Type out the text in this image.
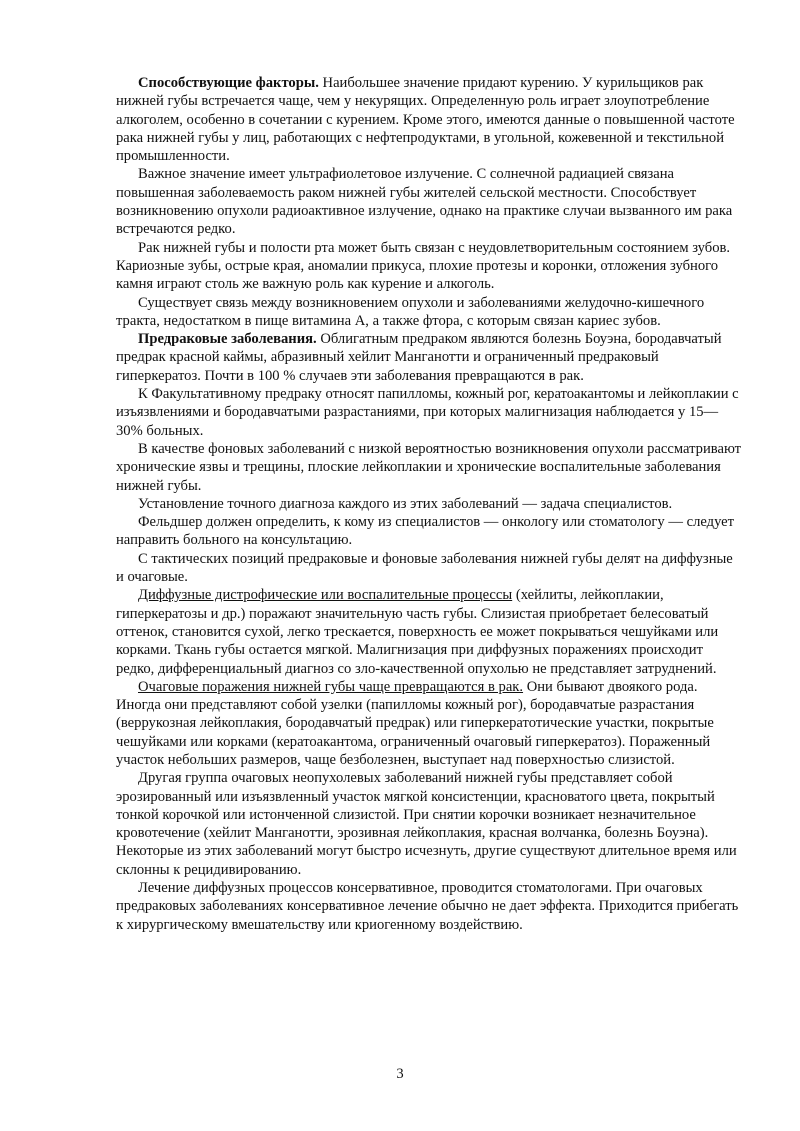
Способствующие факторы. Наибольшее значение придают курению. У курильщиков рак нижней губы встречается чаще, чем у некурящих. Определенную роль играет злоупотребление алкоголем, особенно в сочетании с курением. Кроме этого, имеются данные о повышенной частоте рака нижней губы у лиц, работающих с нефтепродуктами, в угольной, кожевенной и текстильной промышленности.

Важное значение имеет ультрафиолетовое излучение. С солнечной радиацией связана повышенная заболеваемость раком нижней губы жителей сельской местности. Способствует возникновению опухоли радиоактивное излучение, однако на практике случаи вызванного им рака встречаются редко.

Рак нижней губы и полости рта может быть связан с неудовлетворительным состоянием зубов. Кариозные зубы, острые края, аномалии прикуса, плохие протезы и коронки, отложения зубного камня играют столь же важную роль как курение и алкоголь.

Существует связь между возникновением опухоли и заболеваниями желудочно-кишечного тракта, недостатком в пище витамина А, а также фтора, с которым связан кариес зубов.

Предраковые заболевания. Облигатным предраком являются болезнь Боуэна, бородавчатый предрак красной каймы, абразивный хейлит Манганотти и ограниченный предраковый гиперкератоз. Почти в 100 % случаев эти заболевания превращаются в рак.

К Факультативному предраку относят папилломы, кожный рог, кератоакантомы и лейкоплакии с изъязвлениями и бородавчатыми разрастаниями, при которых малигнизация наблюдается у 15—30% больных.

В качестве фоновых заболеваний с низкой вероятностью возникновения опухоли рассматривают хронические язвы и трещины, плоские лейкоплакии и хронические воспалительные заболевания нижней губы.

Установление точного диагноза каждого из этих заболеваний — задача специалистов.

Фельдшер должен определить, к кому из специалистов — онкологу или стоматологу — следует направить больного на консультацию.

С тактических позиций предраковые и фоновые заболевания нижней губы делят на диффузные и очаговые.

Диффузные дистрофические или воспалительные процессы (хейлиты, лейкоплакии, гиперкератозы и др.) поражают значительную часть губы. Слизистая приобретает белесоватый оттенок, становится сухой, легко трескается, поверхность ее может покрываться чешуйками или корками. Ткань губы остается мягкой. Малигнизация при диффузных поражениях происходит редко, дифференциальный диагноз со зло-качественной опухолью не представляет затруднений.

Очаговые поражения нижней губы чаще превращаются в рак. Они бывают двоякого рода. Иногда они представляют собой узелки (папилломы кожный рог), бородавчатые разрастания (веррукозная лейкоплакия, бородавчатый предрак) или гиперкератотические участки, покрытые чешуйками или корками (кератоакантома, ограниченный очаговый гиперкератоз). Пораженный участок небольших размеров, чаще безболезнен, выступает над поверхностью слизистой.

Другая группа очаговых неопухолевых заболеваний нижней губы представляет собой эрозированный или изъязвленный участок мягкой консистенции, красноватого цвета, покрытый тонкой корочкой или истонченной слизистой. При снятии корочки возникает незначительное кровотечение (хейлит Манганотти, эрозивная лейкоплакия, красная волчанка, болезнь Боуэна). Некоторые из этих заболеваний могут быстро исчезнуть, другие существуют длительное время или склонны к рецидивированию.

Лечение диффузных процессов консервативное, проводится стоматологами. При очаговых предраковых заболеваниях консервативное лечение обычно не дает эффекта. Приходится прибегать к хирургическому вмешательству или криогенному воздействию.

3
